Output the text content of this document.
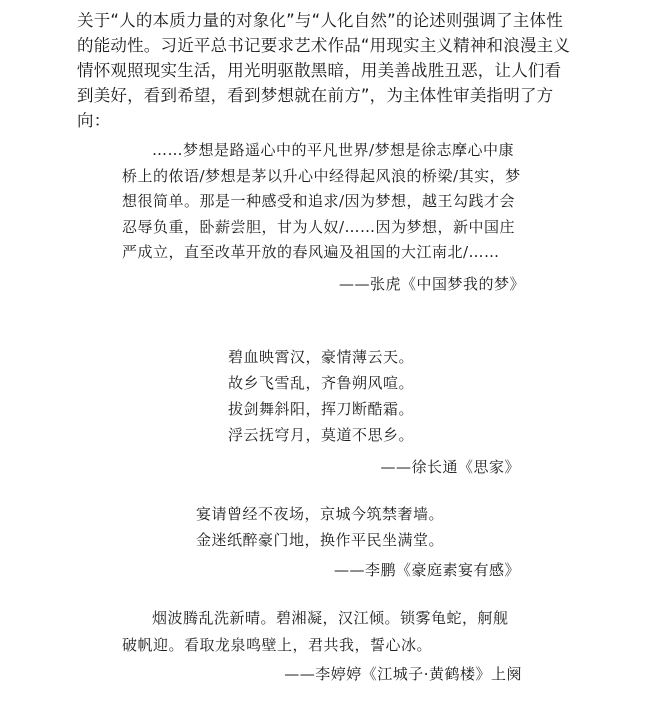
关于“人的本质力量的对象化”与“人化自然”的论述则强调了主体性的能动性。习近平总书记要求艺术作品“用现实主义精神和浪漫主义情怀观照现实生活，用光明驱散黑暗，用美善战胜丑恶，让人们看到美好，看到希望，看到梦想就在前方”，为主体性审美指明了方向：

……梦想是路遥心中的平凡世界/梦想是徐志摩心中康桥上的侬语/梦想是茅以升心中经得起风浪的桥梁/其实，梦想很简单。那是一种感受和追求/因为梦想，越王勾践才会忍辱负重，卧薪尝胆，甘为人奴/……因为梦想，新中国庄严成立，直至改革开放的春风遍及祖国的大江南北/……

——张虎《中国梦我的梦》

碧血映霄汉，豪情薄云天。

故乡飞雪乱，齐鲁朔风喧。

拔剑舞斜阳，挥刀断酷霜。

浮云抚穹月，莫道不思乡。

——徐长通《思家》

宴请曾经不夜场，京城今筑禁奢墙。

金迷纸醉豪门地，换作平民坐满堂。

——李鹏《豪庭素宴有感》

烟波腾乱洗新晴。碧湘凝，汉江倾。锁雾龟蛇，舸舰破帆迎。看取龙泉鸣壁上，君共我，誓心冰。

——李婷婷《江城子·黄鹤楼》上阕
